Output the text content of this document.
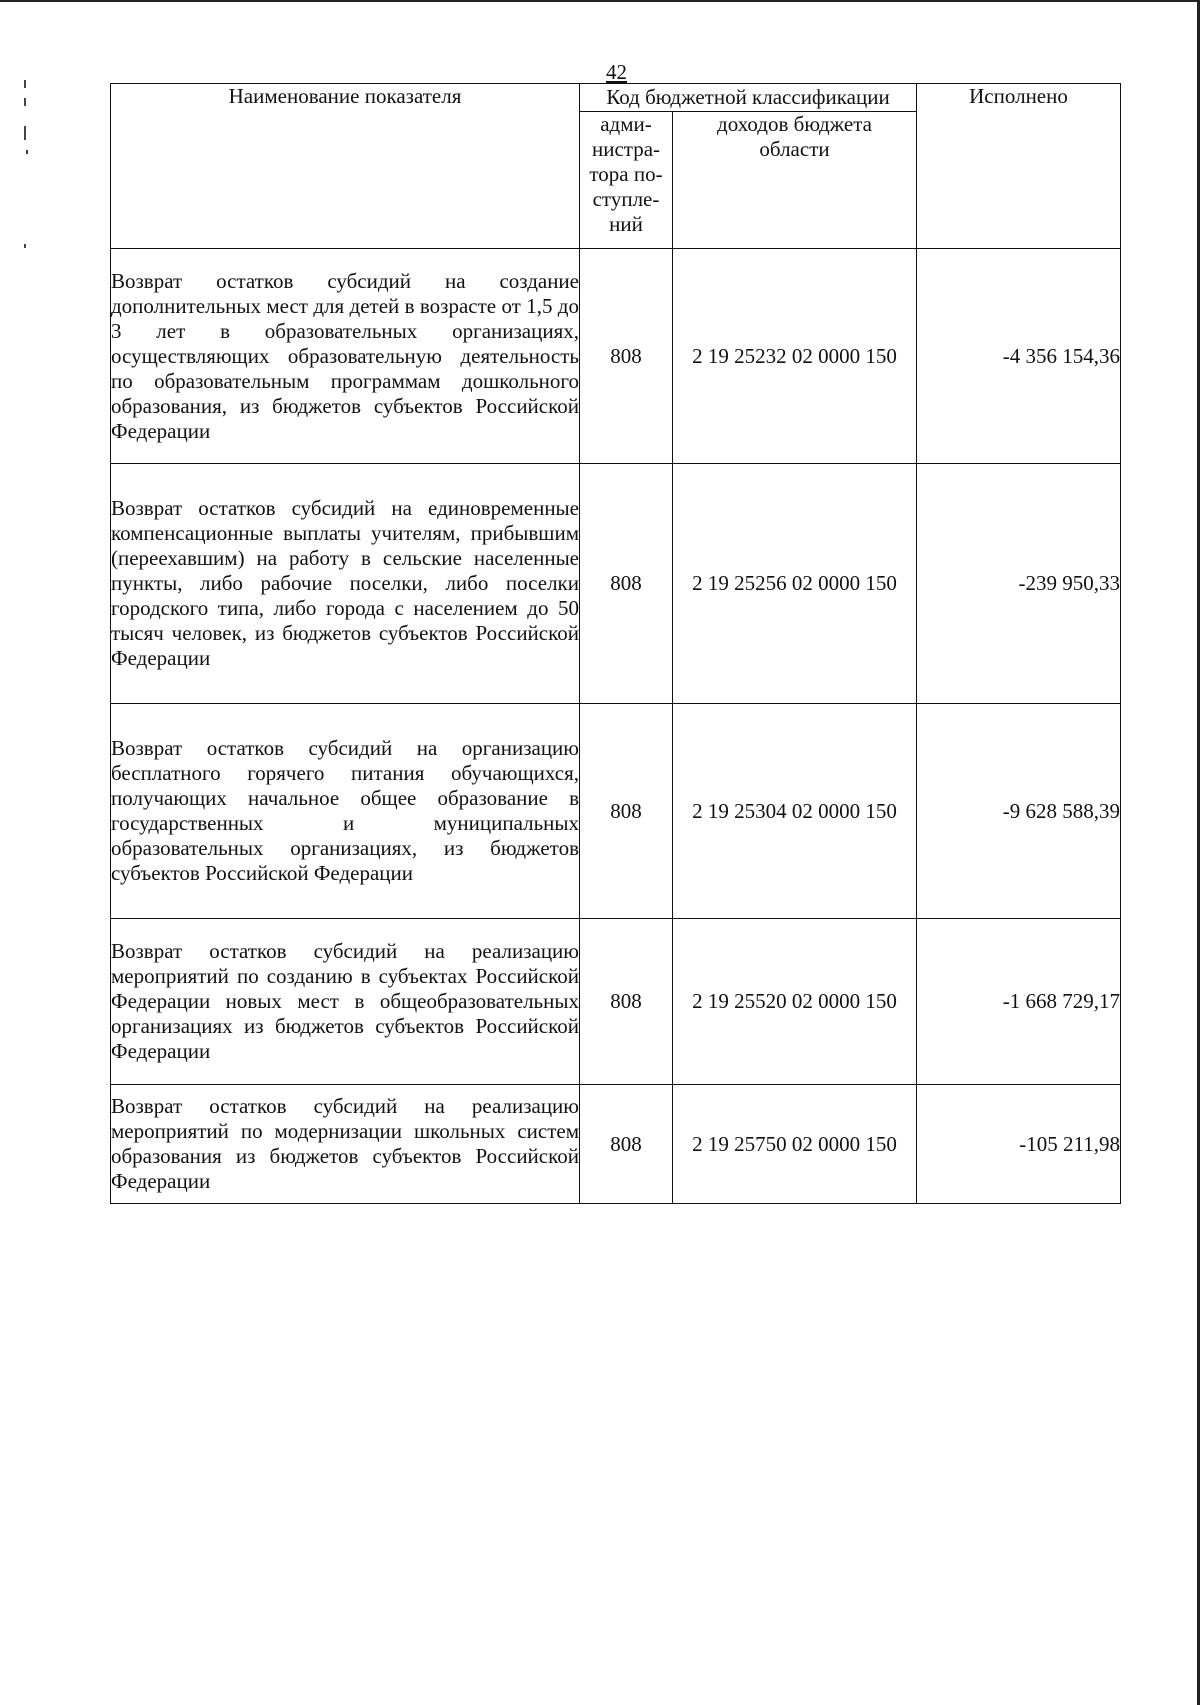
42
Наименование показателя	Код бюджетной классификации		Исполнено
	адми-
нистра-
тора по-
ступле-
ний	доходов бюджета
области	
Возврат остатков субсидий на создание дополнительных мест для детей в возрасте от 1,5 до 3 лет в образовательных организациях, осуществляющих образовательную деятельность по образовательным программам дошкольного образования, из бюджетов субъектов Российской Федерации	808	2 19 25232 02 0000 150	-4 356 154,36
Возврат остатков субсидий на единовременные компенсационные выплаты учителям, прибывшим (переехавшим) на работу в сельские населенные пункты, либо рабочие поселки, либо поселки городского типа, либо города с населением до 50 тысяч человек, из бюджетов субъектов Российской Федерации	808	2 19 25256 02 0000 150	-239 950,33
Возврат остатков субсидий на организацию бесплатного горячего питания обучающихся, получающих начальное общее образование в государственных и муниципальных образовательных организациях, из бюджетов субъектов Российской Федерации	808	2 19 25304 02 0000 150	-9 628 588,39
Возврат остатков субсидий на реализацию мероприятий по созданию в субъектах Российской Федерации новых мест в общеобразовательных организациях из бюджетов субъектов Российской Федерации	808	2 19 25520 02 0000 150	-1 668 729,17
Возврат остатков субсидий на реализацию мероприятий по модернизации школьных систем образования из бюджетов субъектов Российской Федерации	808	2 19 25750 02 0000 150	-105 211,98
